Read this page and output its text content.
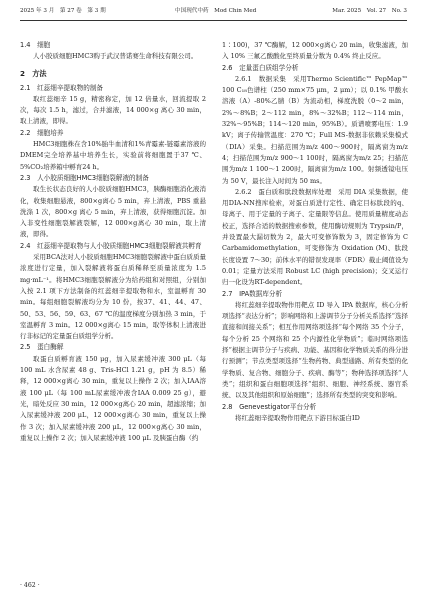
2025 年 3 月　第 27 卷　第 3 期	中国现代中药　Mod Chin Med	Mar. 2025　Vol. 27　No. 3
1.4　细胞

人小胶质细胞HMC3购于武汉普诺赛生命科技有限公司。

2　方法
2.1　红蕊细辛提取物的制备

取红蕊细辛 15 g，精密称定，加 12 倍量水，回流提取 2 次，每次 1.5 h，滤过，合并滤液，14 000×g 离心 30 min，取上清液，即得。

2.2　细胞培养

HMC3细胞株在含10%胎牛血清和1%青霉素-链霉素溶液的DMEM完全培养基中培养生长，实验前将细胞置于37 ℃、5%CO₂培养箱中孵育24 h。

2.3　人小胶质细胞HMC3细胞裂解液的制备

取生长状态良好的人小胶质细胞HMC3，胰酶细胞消化液消化，收集细胞悬液，800×g离心 5 min，弃上清液，PBS 重悬洗涤 1 次，800×g 离心 5 min，弃上清液，获得细胞沉淀。加入非变性细胞裂解液裂解，12 000×g离心 30 min，取上清液，即得。

2.4　红蕊细辛提取物与人小胶质细胞HMC3细胞裂解液共孵育

采用BCA法对人小胶质细胞HMC3细胞裂解液中蛋白质质量浓度进行定量，加入裂解液将蛋白质稀释至质量浓度为 1.5 mg·mL⁻¹。将HMC3细胞裂解液分为给药组和对照组，分别加入按 2.1 项下方法制备的红蕊细辛提取物和水，室温孵育 30 min。每组细胞裂解液均分为 10 份，按37、41、44、47、50、53、56、59、63、67 ℃的温度梯度分别加热 3 min，于室温孵育 3 min。12 000×g离心 15 min，取等体积上清液进行非标记的定量蛋白质组学分析。

2.5　蛋白酶解

取蛋白质孵育液 150 μg，加入尿素缓冲液 300 μL（每 100 mL 水含尿素 48 g、Tris-HCl 1.21 g，pH 为 8.5）稀释，12 000×g离心 30 min，重复以上操作 2 次；加入IAA溶液 100 μL（每 100 mL尿素缓冲液含IAA 0.009 25 g），避光，暗处反应 30 min，12 000×g离心 20 min，超滤浓缩；加入尿素缓冲液 200 μL，12 000×g离心 30 min，重复以上操作 3 次；加入尿素缓冲液 200 μL，12 000×g离心 30 min，重复以上操作 2 次；加入尿素缓冲液 100 μL 及胰蛋白酶（约

1∶100)，37 ℃酶解，12 000×g离心 20 min，收集滤液，加入 10% 三氟乙酸酸化至终质量分数为 0.4% 终止反应。

2.6　定量蛋白质组学分析

2.6.1　数据采集　采用Thermo Scientific™ PepMap™ 100 C₁₈色谱柱（250 mm×75 μm，2 μm）；以 0.1% 甲酸水溶液（A）-80%乙腈（B）为流动相，梯度洗脱（0～2 min，2%～8%B；2～112 min，8%～32%B；112～114 min，32%～95%B；114～120 min，95%B）。质谱喷雾电压：1.9 kV；离子传输管温度：270 ℃；Full MS-数据非依赖采集模式（DIA）采集。扫描范围为m/z 400～900时，隔离窗为m/z 4；扫描范围为m/z 900～1 100时，隔离窗为m/z 25；扫描范围为m/z 1 100～1 200时，隔离窗为m/z 100。射频透镜电压为 50 V，最长注入时间为 50 ms。

2.6.2　蛋白质和肽段数据库处理　采用 DIA 采集数据，使用DIA-NN搜库检索，对蛋白质进行定性、确定目标肽段的q、母离子、用于定量的子离子、定量限等信息。使用质量精度动态校正，选择合适的数据搜索参数，使用酶切规则为 Trypsin/P，并设置最大漏切数为 2，最大可变修饰数为 3，固定修饰为 C Carbamidomethylation，可变修饰为 Oxidation (M)、肽段长度设置 7～30；前体水平的错误发现率（FDR）截止阈值设为 0.01；定量方法采用 Robust LC (high precision)；交叉运行归一化设为RT-dependent。

2.7　IPA数据库分析

将红蕊细辛提取物作用靶点 ID 导入 IPA 数据库，核心分析项选择“表达分析”；影响网络和上游调节分子分析关系选择“选择直接和间接关系”；相互作用网络项选择“每个网络 35 个分子，每个分析 25 个网络和 25 个内源性化学物质”；临时网络项选择“根据主调节分子与疾病、功能、基因和化学物质关系的得分进行预测”；节点类型项选择“生物药物、典型通路、所有类型的化学物质、复合物、细胞分子、疾病、酶等”；物种选择项选择“人类”；组织和蛋白细胞项选择“组织、细胞、神经系统、器官系统、以及其他组织和原始细胞”；选择所有类型的突变和影响。

2.8　Genevestigator平台分析

将红蕊细辛提取物作用靶点下游目标蛋白ID

· 462 ·
